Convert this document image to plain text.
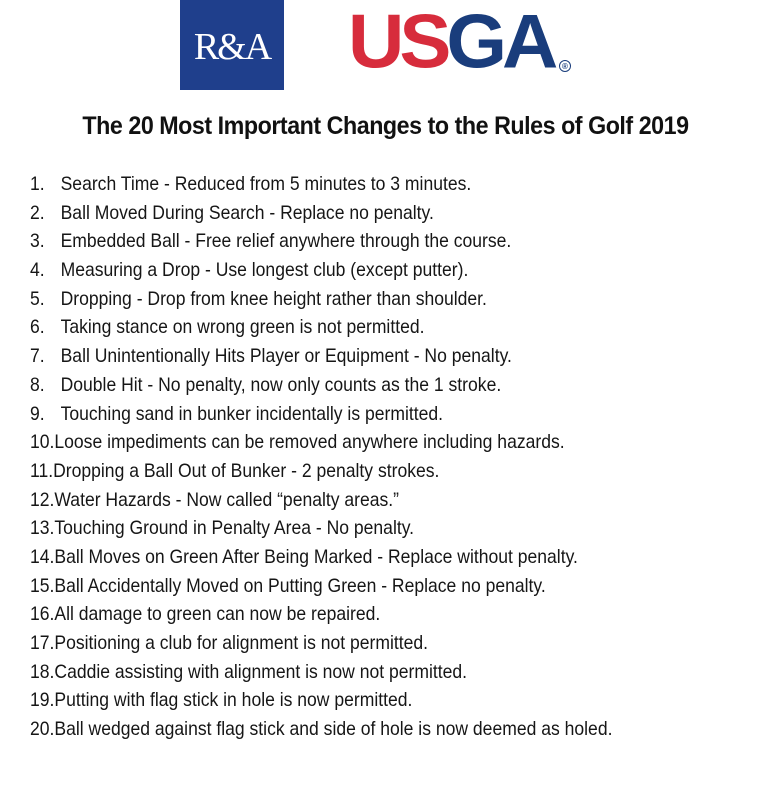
R&A U S G A	®
The 20 Most Important Changes to the Rules of Golf 2019
1. Search Time - Reduced from 5 minutes to 3 minutes.
2. Ball Moved During Search - Replace no penalty.
3. Embedded Ball - Free relief anywhere through the course.
4. Measuring a Drop - Use longest club (except putter).
5. Dropping - Drop from knee height rather than shoulder.
6. Taking stance on wrong green is not permitted.
7. Ball Unintentionally Hits Player or Equipment - No penalty.
8. Double Hit - No penalty, now only counts as the 1 stroke.
9. Touching sand in bunker incidentally is permitted.
10.Loose impediments can be removed anywhere including hazards.
11.Dropping a Ball Out of Bunker - 2 penalty strokes.
12.Water Hazards - Now called “penalty areas.”
13.Touching Ground in Penalty Area - No penalty.
14.Ball Moves on Green After Being Marked - Replace without penalty.
15.Ball Accidentally Moved on Putting Green - Replace no penalty.
16.All damage to green can now be repaired.
17.Positioning a club for alignment is not permitted.
18.Caddie assisting with alignment is now not permitted.
19.Putting with flag stick in hole is now permitted.
20.Ball wedged against flag stick and side of hole is now deemed as holed.
